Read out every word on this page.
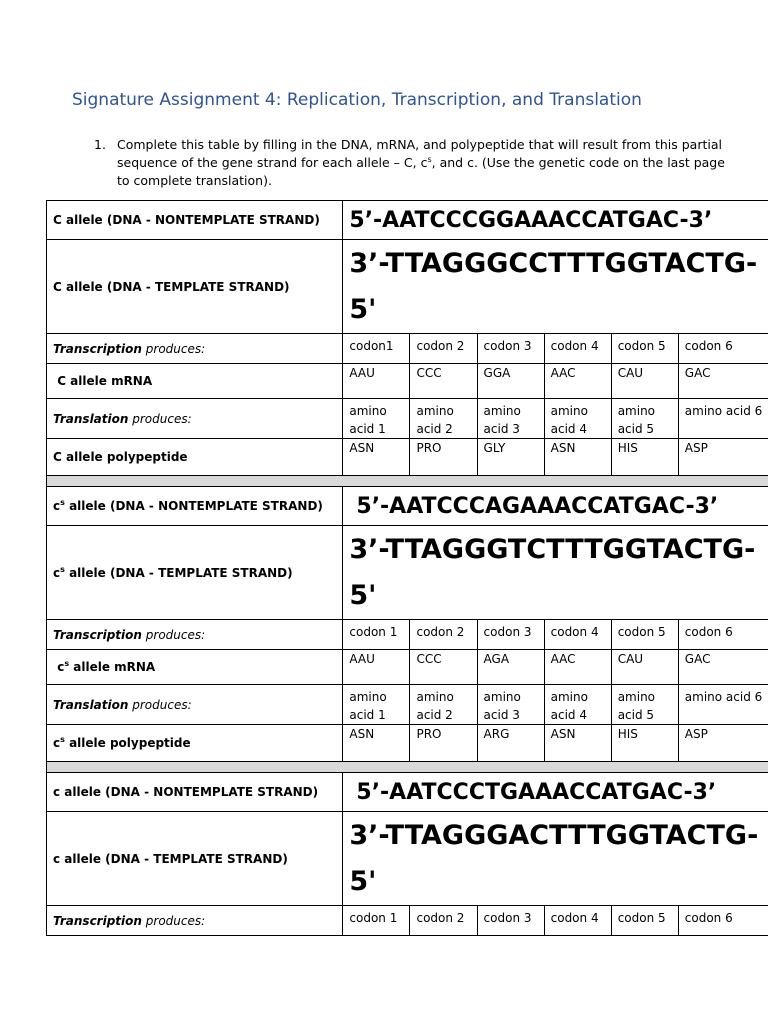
Signature Assignment 4: Replication, Transcription, and Translation
1. Complete this table by filling in the DNA, mRNA, and polypeptide that will result from this partial sequence of the gene strand for each allele – C, $c^s$, and c. (Use the genetic code on the last page to complete translation).
C allele (DNA - NONTEMPLATE STRAND)	5’-AATCCCGGAAACCATGAC-3’					
C allele (DNA - TEMPLATE STRAND)	3’-TTAGGGCCTTTGGTACTG-
5'					

Transcription produces:	codon1	codon 2	codon 3	codon 4	codon 5	codon 6
C allele mRNA	AAU	CCC	GGA	AAC	CAU	GAC
Translation produces:	amino acid 1	amino acid 2	amino acid 3	amino acid 4	amino acid 5	amino acid 6
C allele polypeptide	ASN	PRO	GLY	ASN	HIS	ASP

$c^s$ allele (DNA - NONTEMPLATE STRAND)	5’-AATCCCAGAAACCATGAC-3’					
$c^s$ allele (DNA - TEMPLATE STRAND)	3’-TTAGGGTCTTTGGTACTG-
5'					

Transcription produces:	codon 1	codon 2	codon 3	codon 4	codon 5	codon 6
$c^s$ allele mRNA	AAU	CCC	AGA	AAC	CAU	GAC
Translation produces:	amino acid 1	amino acid 2	amino acid 3	amino acid 4	amino acid 5	amino acid 6
$c^s$ allele polypeptide	ASN	PRO	ARG	ASN	HIS	ASP

c allele (DNA - NONTEMPLATE STRAND)	5’-AATCCCTGAAACCATGAC-3’					
c allele (DNA - TEMPLATE STRAND)	3’-TTAGGGACTTTGGTACTG-
5'					

Transcription produces:	codon 1	codon 2	codon 3	codon 4	codon 5	codon 6
